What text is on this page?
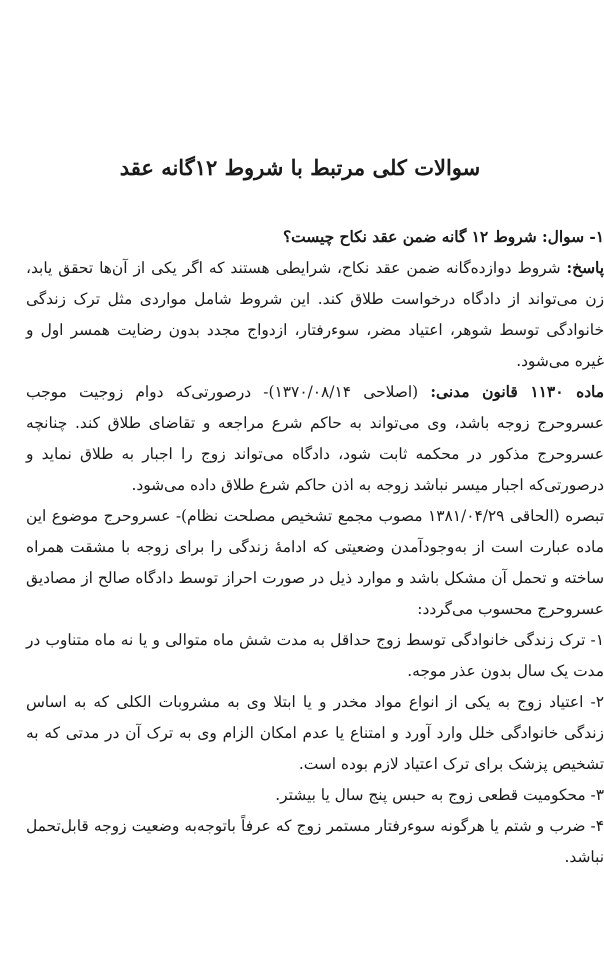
سوالات کلی مرتبط با شروط ۱۲گانه عقد

۱- سوال: شروط ۱۲ گانه ضمن عقد نکاح چیست؟

پاسخ: شروط دوازده‌گانه ضمن عقد نکاح، شرایطی هستند که اگر یکی از آن‌ها تحقق یابد، زن می‌تواند از دادگاه درخواست طلاق کند. این شروط شامل مواردی مثل ترک زندگی خانوادگی توسط شوهر، اعتیاد مضر، سوءرفتار، ازدواج مجدد بدون رضایت همسر اول و غیره می‌شود.

ماده ۱۱۳۰ قانون مدنی: (اصلاحی ۱۳۷۰/۰۸/۱۴)- درصورتی‌که دوام زوجیت موجب عسروحرج زوجه باشد، وی می‌تواند به حاکم شرع مراجعه و تقاضای طلاق کند. چنانچه عسروحرج مذکور در محکمه ثابت شود، دادگاه می‌تواند زوج را اجبار به طلاق نماید و درصورتی‌که اجبار میسر نباشد زوجه به اذن حاکم شرع طلاق داده می‌شود.

تبصره (الحاقی ۱۳۸۱/۰۴/۲۹ مصوب مجمع تشخیص مصلحت نظام)- عسروحرج موضوع این ماده عبارت است از به‌وجودآمدن وضعیتی که ادامهٔ زندگی را برای زوجه با مشقت همراه ساخته و تحمل آن مشکل باشد و موارد ذیل در صورت احراز توسط دادگاه صالح از مصادیق عسروحرج محسوب می‌گردد:

۱- ترک زندگی خانوادگی توسط زوج حداقل به مدت شش ماه متوالی و یا نه ماه متناوب در مدت یک سال بدون عذر موجه.

۲- اعتیاد زوج به یکی از انواع مواد مخدر و یا ابتلا وی به مشروبات الکلی که به اساس زندگی خانوادگی خلل وارد آورد و امتناع یا عدم امکان الزام وی به ترک آن در مدتی که به تشخیص پزشک برای ترک اعتیاد لازم بوده است.

۳- محکومیت قطعی زوج به حبس پنج سال یا بیشتر.

۴- ضرب و شتم یا هرگونه سوءرفتار مستمر زوج که عرفاً باتوجه‌به وضعیت زوجه قابل‌تحمل نباشد.
